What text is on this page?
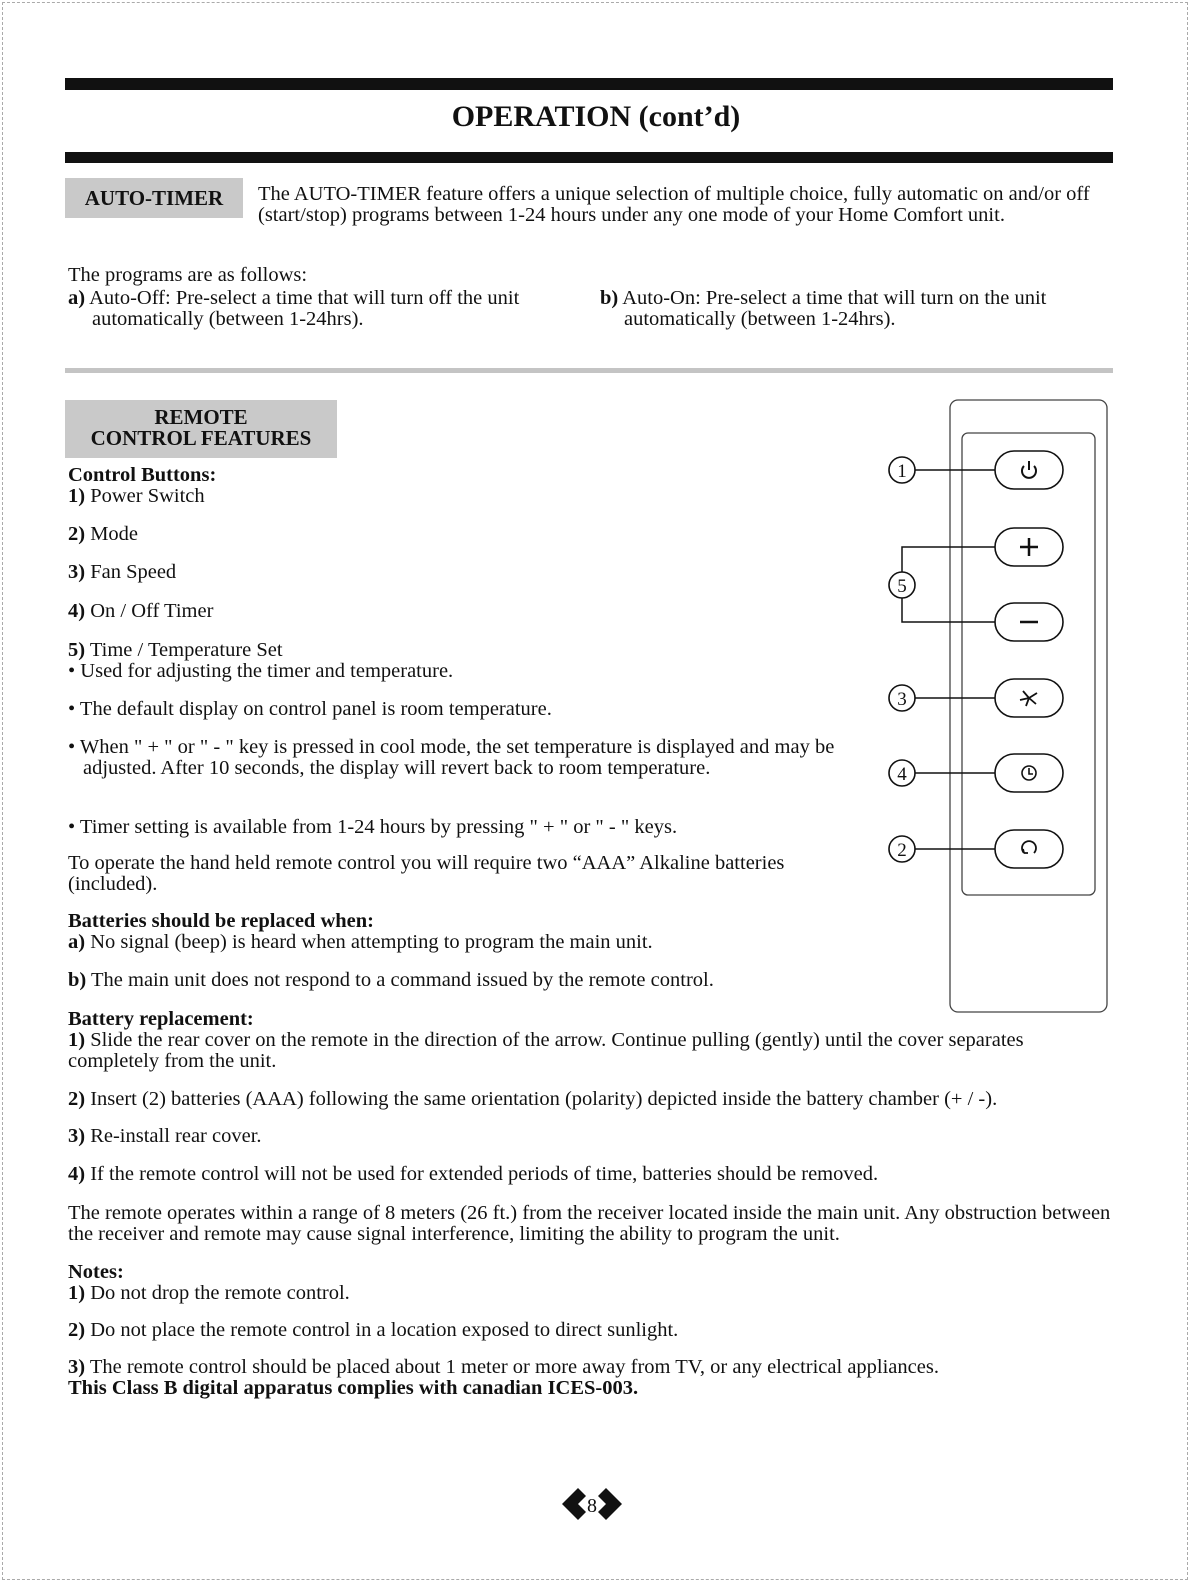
OPERATION (cont’d)
AUTO-TIMER	The AUTO-TIMER feature offers a unique selection of multiple choice, fully automatic on and/or off (start/stop) programs between 1-24 hours under any one mode of your Home Comfort unit.
The programs are as follows:
a) Auto-Off: Pre-select a time that will turn off the unit automatically (between 1-24hrs).
b) Auto-On: Pre-select a time that will turn on the unit automatically (between 1-24hrs).
REMOTE
CONTROL FEATURES
Control Buttons:
1) Power Switch
2) Mode
3) Fan Speed
4) On / Off Timer
5) Time / Temperature Set
• Used for adjusting the timer and temperature.
• The default display on control panel is room temperature.
• When " + " or " - " key is pressed in cool mode, the set temperature is displayed and may be adjusted. After 10 seconds, the display will revert back to room temperature.
• Timer setting is available from 1-24 hours by pressing " + " or " - " keys.
To operate the hand held remote control you will require two “AAA” Alkaline batteries (included).
Batteries should be replaced when:
a) No signal (beep) is heard when attempting to program the main unit.
b) The main unit does not respond to a command issued by the remote control.
Battery replacement:
1) Slide the rear cover on the remote in the direction of the arrow. Continue pulling (gently) until the cover separates completely from the unit.
2) Insert (2) batteries (AAA) following the same orientation (polarity) depicted inside the battery chamber (+ / -).
3) Re-install rear cover.
4) If the remote control will not be used for extended periods of time, batteries should be removed.
The remote operates within a range of 8 meters (26 ft.) from the receiver located inside the main unit. Any obstruction between the receiver and remote may cause signal interference, limiting the ability to program the unit.
Notes:
1) Do not drop the remote control.
2) Do not place the remote control in a location exposed to direct sunlight.
3) The remote control should be placed about 1 meter or more away from TV, or any electrical appliances.
This Class B digital apparatus complies with canadian ICES-003.
1
5
3
4
2
8
